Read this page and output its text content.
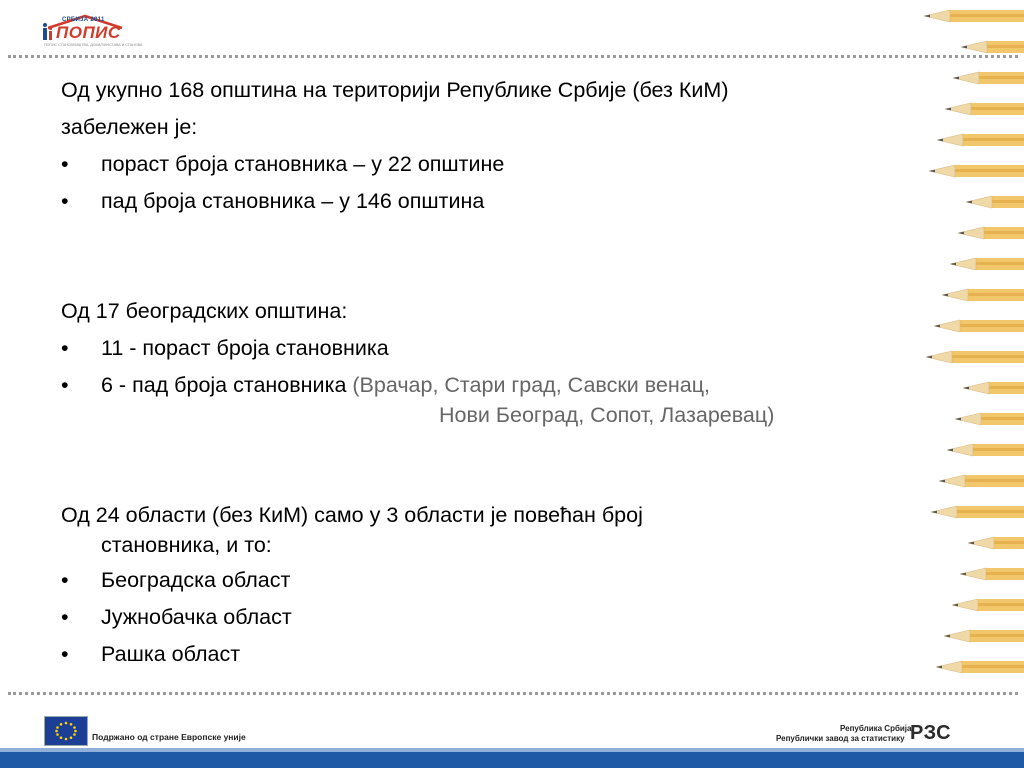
СРБИЈА 2011
ПОПИС
ПОПИС СТАНОВНИШТВА, ДОМАЋИНСТАВА И СТАНОВА
Од укупно 168 општина на територији Републике Србије (без КиМ)
забележен је:
• пораст броја становника – у 22 општине
• пад броја становника – у 146 општина
Од 17 београдских општина:
• 11 - пораст броја становника
• 6 - пад броја становника (Врачар, Стари град, Савски венац,
Нови Београд, Сопот, Лазаревац)
Од 24 области (без КиМ) само у 3 области је повећан број
становника, и то:
• Београдска област
• Јужнобачка област
• Рашка област
Подржано од стране Европске уније
Република Србија
Републички завод за статистику РЗС
